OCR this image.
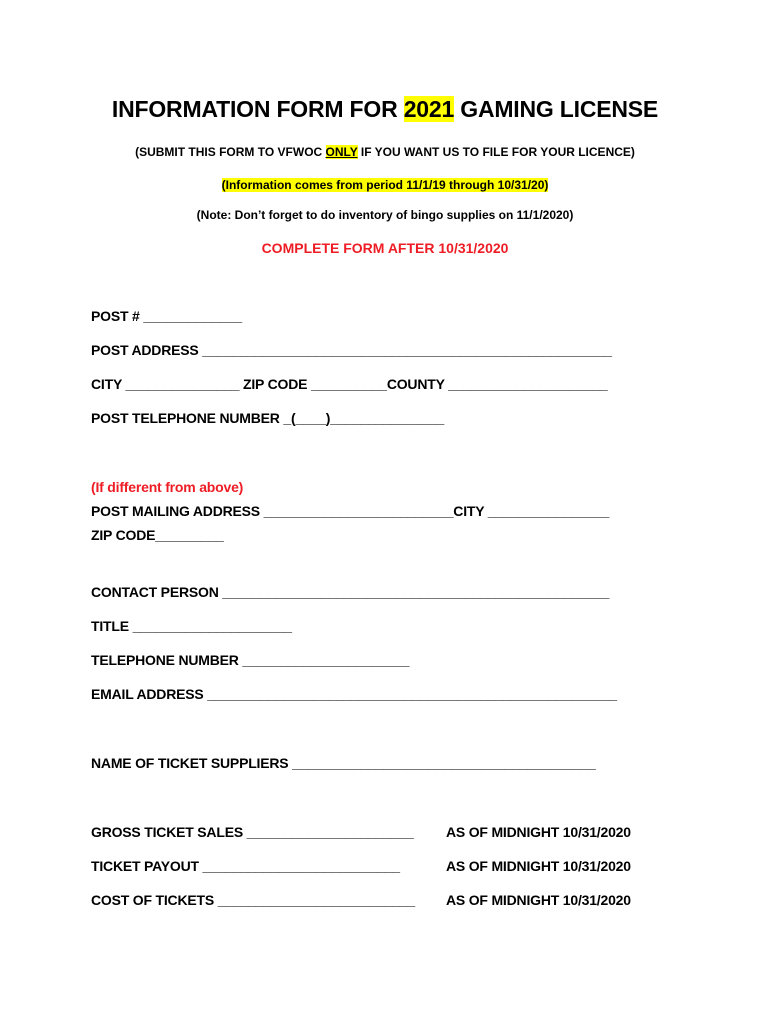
INFORMATION FORM FOR 2021 GAMING LICENSE
(SUBMIT THIS FORM TO VFWOC ONLY IF YOU WANT US TO FILE FOR YOUR LICENCE)
(Information comes from period 11/1/19 through 10/31/20)
(Note: Don’t forget to do inventory of bingo supplies on 11/1/2020)
COMPLETE FORM AFTER 10/31/2020
POST # _____________
POST ADDRESS ______________________________________________________
CITY _______________ ZIP CODE __________COUNTY _____________________
POST TELEPHONE NUMBER _(____)_______________
(If different from above)
POST MAILING ADDRESS _________________________CITY ________________
ZIP CODE_________
CONTACT PERSON ___________________________________________________
TITLE _____________________
TELEPHONE NUMBER ______________________
EMAIL ADDRESS ______________________________________________________
NAME OF TICKET SUPPLIERS ________________________________________
GROSS TICKET SALES ______________________ AS OF MIDNIGHT 10/31/2020
TICKET PAYOUT __________________________	AS OF MIDNIGHT 10/31/2020
COST OF TICKETS __________________________ AS OF MIDNIGHT 10/31/2020
